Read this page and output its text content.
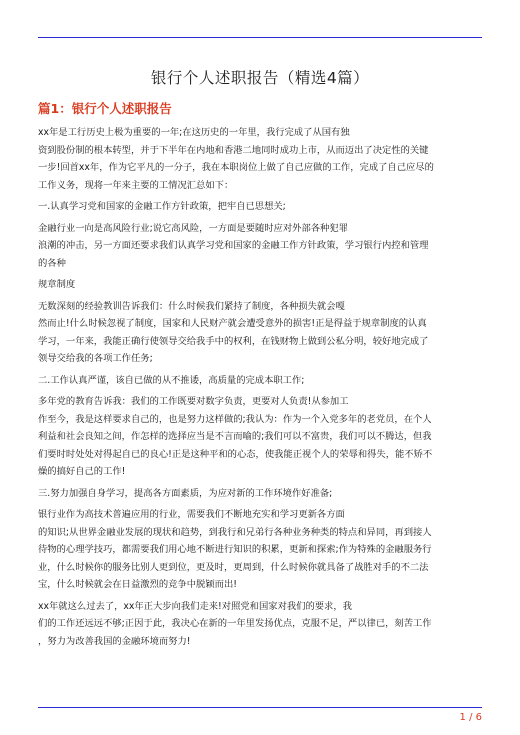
银行个人述职报告（精选4篇）
篇1：银行个人述职报告

xx年是工行历史上极为重要的一年;在这历史的一年里，我行完成了从国有独
资到股份制的根本转型，并于下半年在内地和香港二地同时成功上市，从而迈出了决定性的关键
一步!回首xx年，作为它平凡的一分子，我在本职岗位上做了自己应做的工作，完成了自己应尽的
工作义务，现将一年来主要的工情况汇总如下：

一.认真学习党和国家的金融工作方针政策，把牢自已思想关;

金融行业一向是高风险行业;说它高风险，一方面是要随时应对外部各种犯罪
浪潮的冲击，另一方面还要求我们认真学习党和国家的金融工作方针政策，学习银行内控和管理
的各种

规章制度

无数深刻的经验教训告诉我们：什么时候我们紧持了制度，各种损失就会嘎
然而止!什么时候忽视了制度，国家和人民财产就会遭受意外的损害!正是得益于规章制度的认真
学习，一年来，我能正确行使领导交给我手中的权利，在钱财物上做到公私分明，较好地完成了
领导交给我的各项工作任务;

二.工作认真严谨，该自已做的从不推诿，高质量的完成本职工作;

多年党的教育告诉我：我们的工作既要对数字负责，更要对人负责!从参加工
作至今，我是这样要求自己的，也是努力这样做的;我认为：作为一个入党多年的老党员，在个人
利益和社会良知之间，作怎样的选择应当是不言而喻的;我们可以不富贵，我们可以不腾达，但我
们要时时处处对得起自已的良心!正是这种平和的心态，使我能正视个人的荣辱和得失，能不矫不
燥的搞好自己的工作!

三.努力加强自身学习，提高各方面素质，为应对新的工作环境作好准备;

银行业作为高技术普遍应用的行业，需要我们不断地充实和学习更新各方面
的知识;从世界金融业发展的现状和趋势，到我行和兄弟行各种业务种类的特点和异同，再到接人
待物的心理学技巧，都需要我们用心地不断进行知识的积累，更新和探索;作为特殊的金融服务行
业，什么时候你的服务比别人更到位，更及时，更周到，什么时候你就具备了战胜对手的不二法
宝，什么时候就会在日益激烈的竞争中脱颖而出!

xx年就这么过去了，xx年正大步向我们走来!对照党和国家对我们的要求，我
们的工作还远远不够;正因于此，我决心在新的一年里发扬优点，克服不足，严以律已，刻苦工作
，努力为改善我国的金融环境而努力!

1 / 6
